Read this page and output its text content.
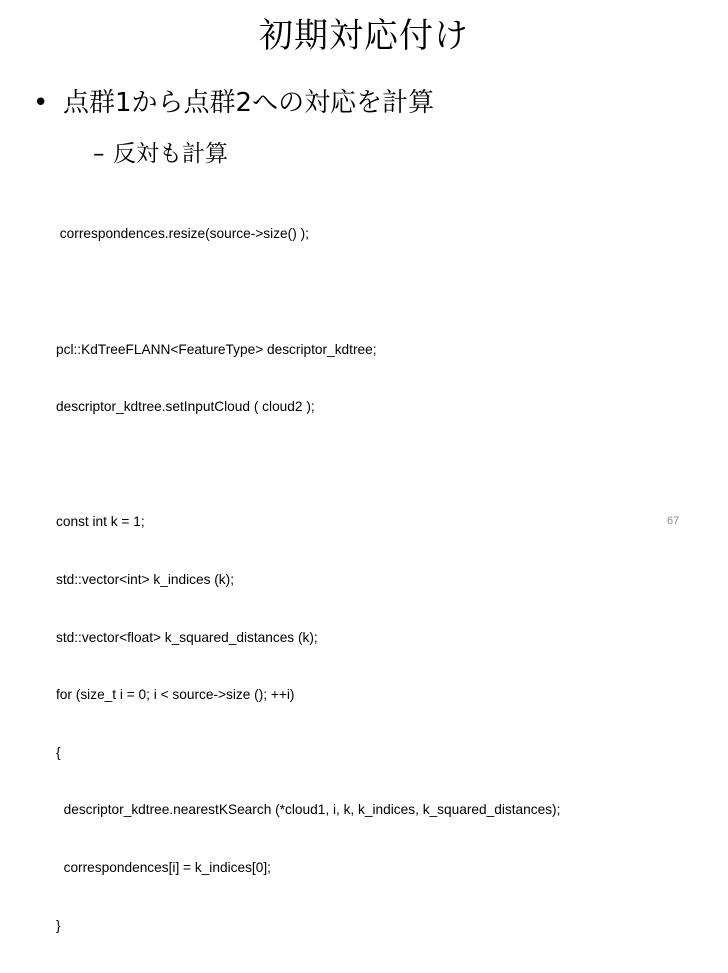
初期対応付け
• 点群1から点群2への対応を計算
– 反対も計算

correspondences.resize(source->size() );

pcl::KdTreeFLANN<FeatureType> descriptor_kdtree;

descriptor_kdtree.setInputCloud ( cloud2 );

const int k = 1;

std::vector<int> k_indices (k);

std::vector<float> k_squared_distances (k);

for (size_t i = 0; i < source->size (); ++i)

{

descriptor_kdtree.nearestKSearch (*cloud1, i, k, k_indices, k_squared_distances);

correspondences[i] = k_indices[0];

}

67
